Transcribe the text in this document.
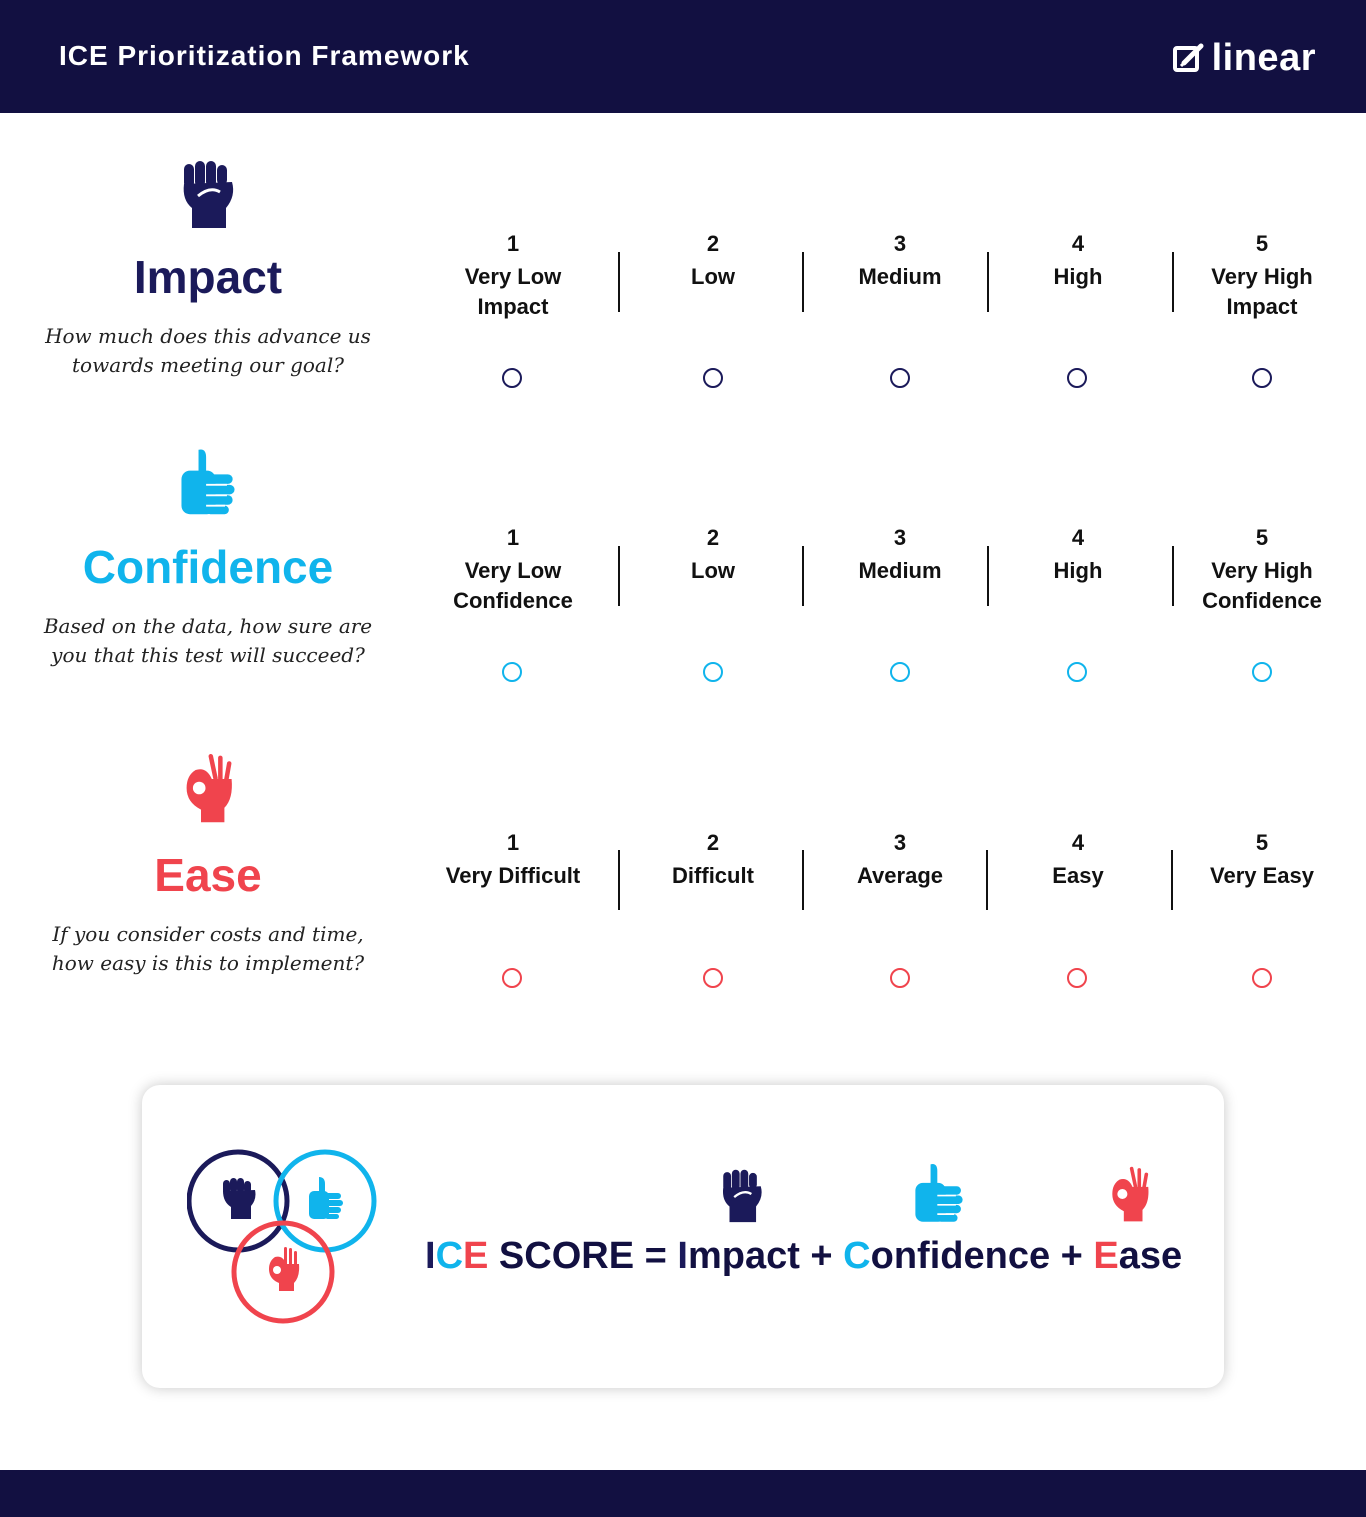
ICE Prioritization Framework	linear
Impact
How much does this advance us
towards meeting our goal?
1
Very Low
Impact
2
Low
3
Medium
4
High
5
Very High
Impact
Confidence
Based on the data, how sure are
you that this test will succeed?
1
Very Low
Confidence
2
Low
3
Medium
4
High
5
Very High
Confidence
Ease
If you consider costs and time,
how easy is this to implement?
1
Very Difficult
2
Difficult
3
Average
4
Easy
5
Very Easy
ICE SCORE = Impact + Confidence + Ease
